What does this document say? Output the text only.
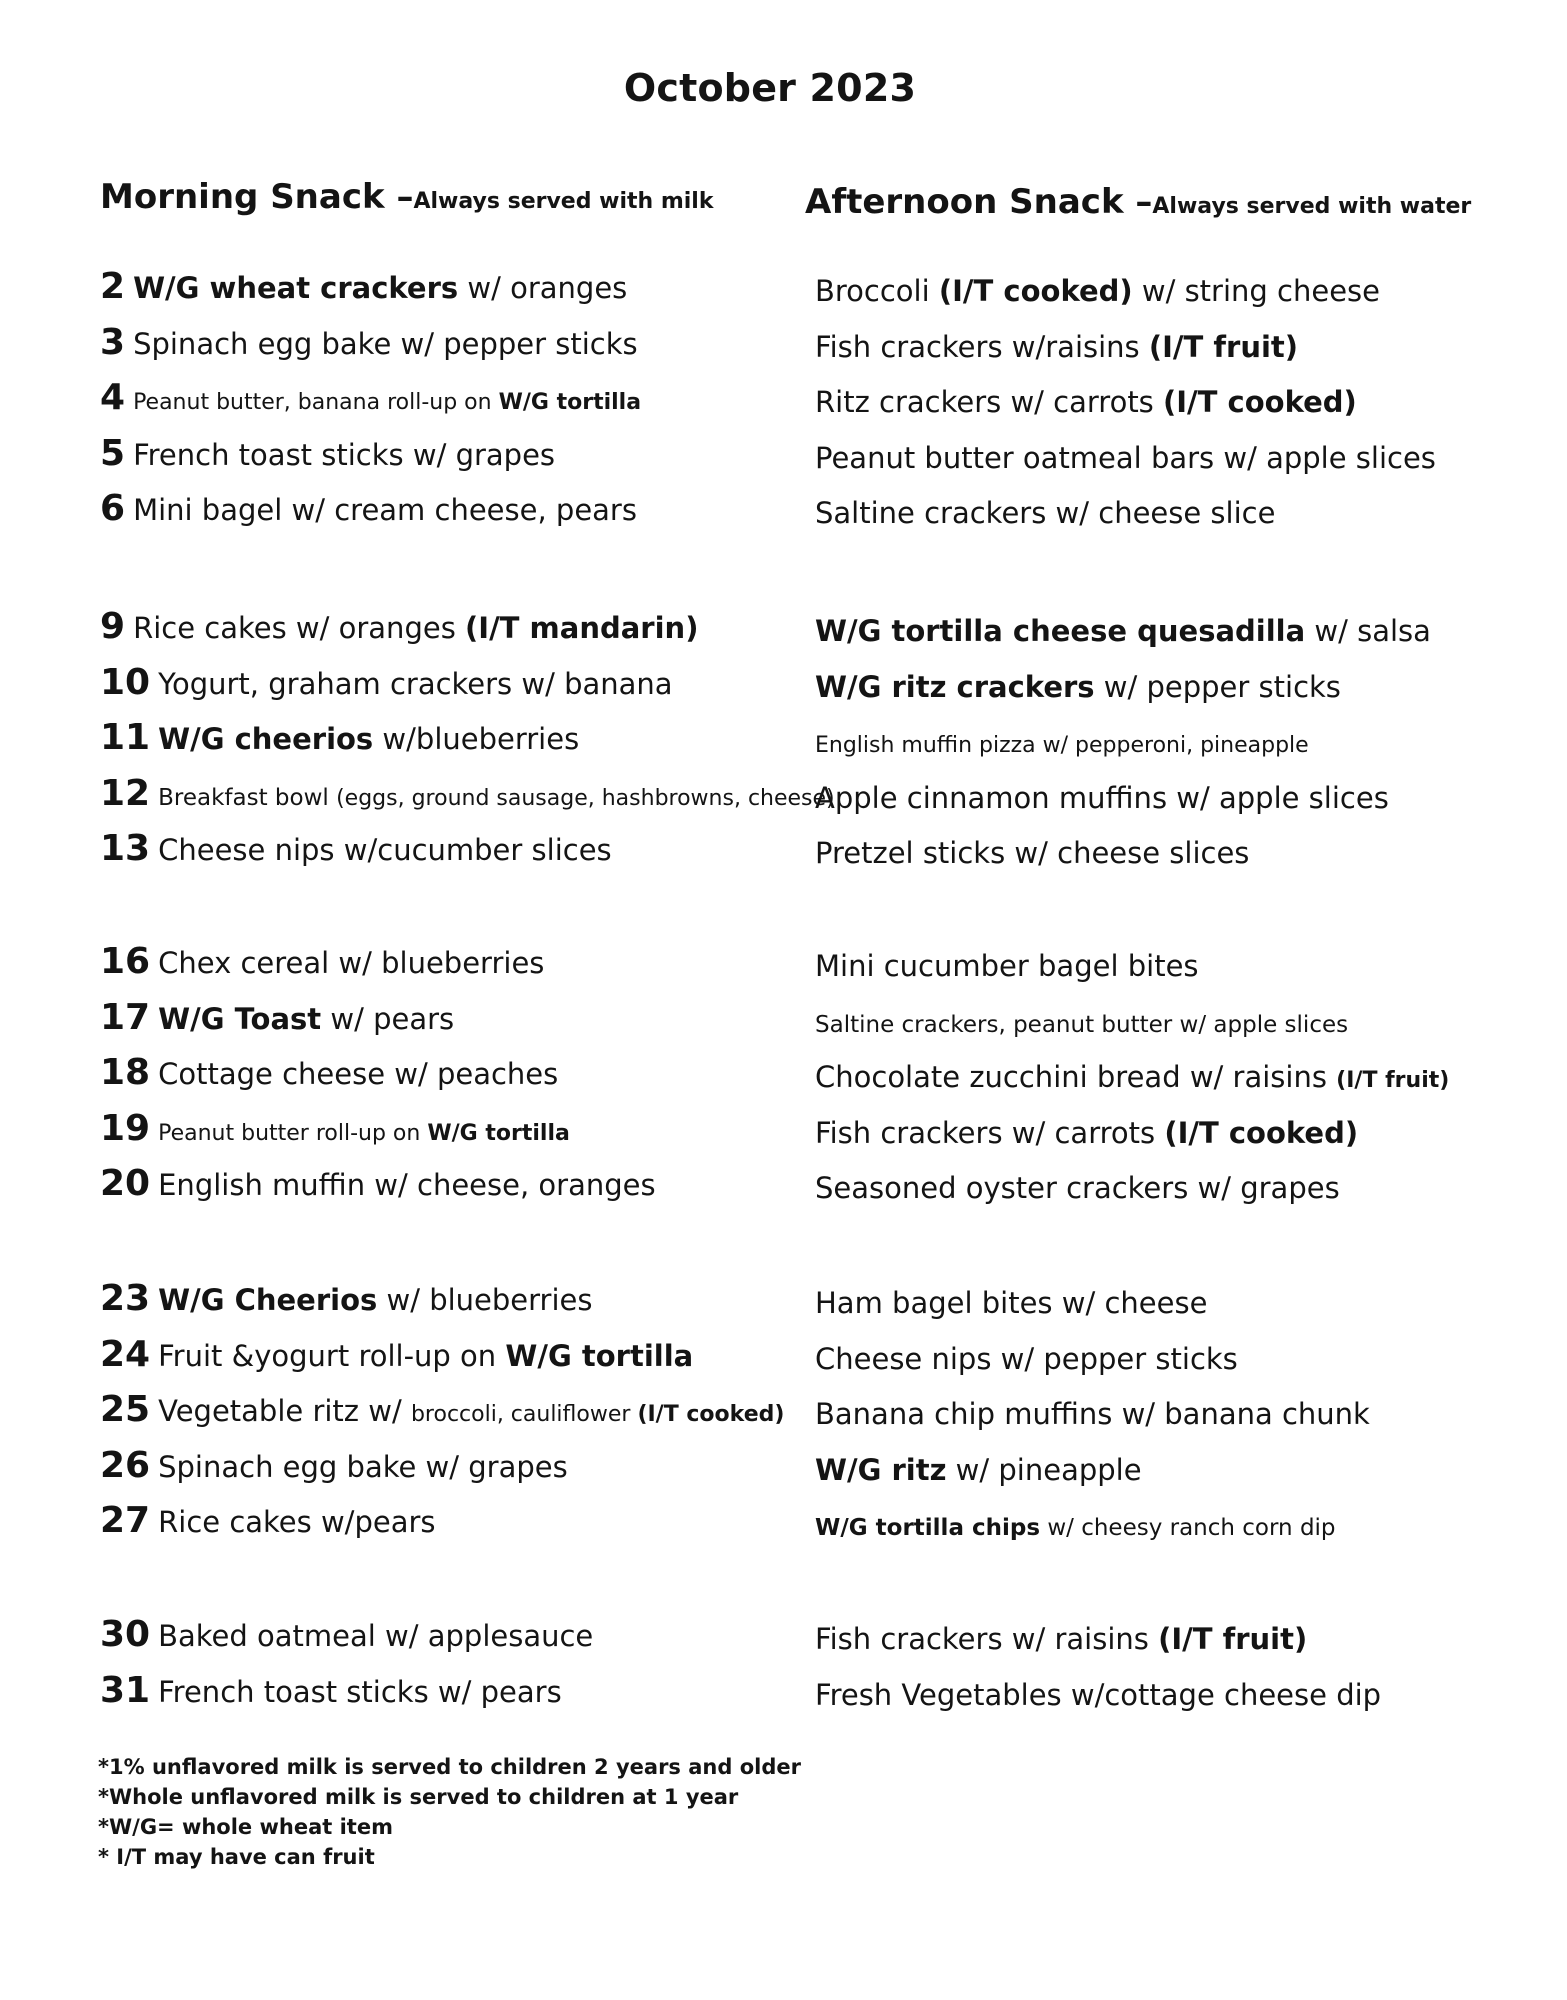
October 2023
Morning Snack –Always served with milk	Afternoon Snack –Always served with water
2 W/G wheat crackers w/ oranges
3 Spinach egg bake w/ pepper sticks
4 Peanut butter, banana roll-up on W/G tortilla
5 French toast sticks w/ grapes
6 Mini bagel w/ cream cheese, pears
9 Rice cakes w/ oranges (I/T mandarin)
10 Yogurt, graham crackers w/ banana
11 W/G cheerios w/blueberries
12 Breakfast bowl (eggs, ground sausage, hashbrowns, cheese)
13 Cheese nips w/cucumber slices
16 Chex cereal w/ blueberries
17 W/G Toast w/ pears
18 Cottage cheese w/ peaches
19 Peanut butter roll-up on W/G tortilla
20 English muffin w/ cheese, oranges
23 W/G Cheerios w/ blueberries
24 Fruit &yogurt roll-up on W/G tortilla
25 Vegetable ritz w/ broccoli, cauliflower (I/T cooked)
26 Spinach egg bake w/ grapes
27 Rice cakes w/pears
30 Baked oatmeal w/ applesauce
31 French toast sticks w/ pears
Broccoli (I/T cooked) w/ string cheese
Fish crackers w/raisins (I/T fruit)
Ritz crackers w/ carrots (I/T cooked)
Peanut butter oatmeal bars w/ apple slices
Saltine crackers w/ cheese slice
W/G tortilla cheese quesadilla w/ salsa
W/G ritz crackers w/ pepper sticks
English muffin pizza w/ pepperoni, pineapple
Apple cinnamon muffins w/ apple slices
Pretzel sticks w/ cheese slices
Mini cucumber bagel bites
Saltine crackers, peanut butter w/ apple slices
Chocolate zucchini bread w/ raisins (I/T fruit)
Fish crackers w/ carrots (I/T cooked)
Seasoned oyster crackers w/ grapes
Ham bagel bites w/ cheese
Cheese nips w/ pepper sticks
Banana chip muffins w/ banana chunk
W/G ritz w/ pineapple
W/G tortilla chips w/ cheesy ranch corn dip
Fish crackers w/ raisins (I/T fruit)
Fresh Vegetables w/cottage cheese dip
*1% unflavored milk is served to children 2 years and older
*Whole unflavored milk is served to children at 1 year
*W/G= whole wheat item
* I/T may have can fruit
